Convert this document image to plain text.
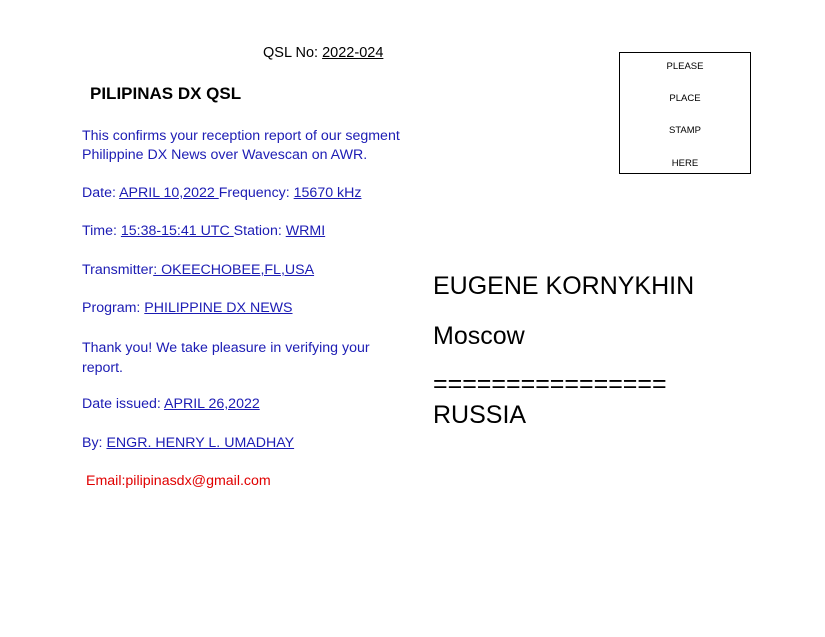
QSL No: 2022-024
PILIPINAS DX QSL
This confirms your reception report of our segment Philippine DX News over Wavescan on AWR.
Date: APRIL 10,2022 Frequency: 15670 kHz
Time: 15:38-15:41 UTC Station: WRMI
Transmitter: OKEECHOBEE,FL,USA
Program: PHILIPPINE DX NEWS
Thank you! We take pleasure in verifying your report.
Date issued: APRIL 26,2022
By: ENGR. HENRY L. UMADHAY
Email:pilipinasdx@gmail.com
PLEASE
PLACE
STAMP
HERE
EUGENE KORNYKHIN
Moscow
================
RUSSIA
